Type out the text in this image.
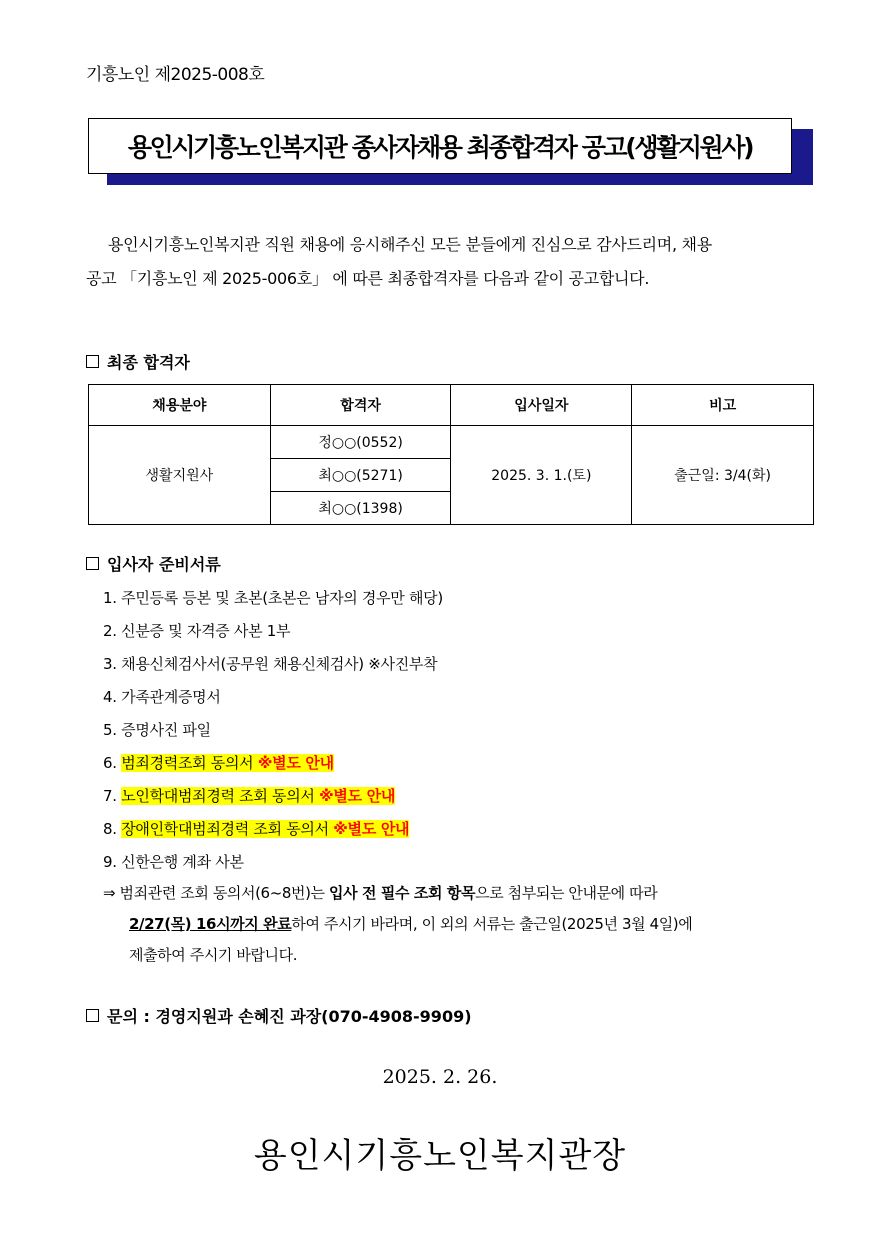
기흥노인 제2025-008호
용인시기흥노인복지관 종사자채용 최종합격자 공고(생활지원사)
용인시기흥노인복지관 직원 채용에 응시해주신 모든 분들에게 진심으로 감사드리며, 채용
공고 「기흥노인 제 2025-006호」 에 따른 최종합격자를 다음과 같이 공고합니다.
최종 합격자
채용분야	합격자	입사일자	비고
생활지원사	정○○(0552)	2025. 3. 1.(토)	출근일: 3/4(화)
	최○○(5271)		
	최○○(1398)		
입사자 준비서류
1. 주민등록 등본 및 초본(초본은 남자의 경우만 해당)
2. 신분증 및 자격증 사본 1부
3. 채용신체검사서(공무원 채용신체검사) ※사진부착
4. 가족관계증명서
5. 증명사진 파일
6. 범죄경력조회 동의서 ※별도 안내
7. 노인학대범죄경력 조회 동의서 ※별도 안내
8. 장애인학대범죄경력 조회 동의서 ※별도 안내
9. 신한은행 계좌 사본
⇒ 범죄관련 조회 동의서(6~8번)는 입사 전 필수 조회 항목으로 첨부되는 안내문에 따라
2/27(목) 16시까지 완료하여 주시기 바라며, 이 외의 서류는 출근일(2025년 3월 4일)에
제출하여 주시기 바랍니다.
문의 : 경영지원과 손혜진 과장(070-4908-9909)
2025. 2. 26.
용인시기흥노인복지관장
